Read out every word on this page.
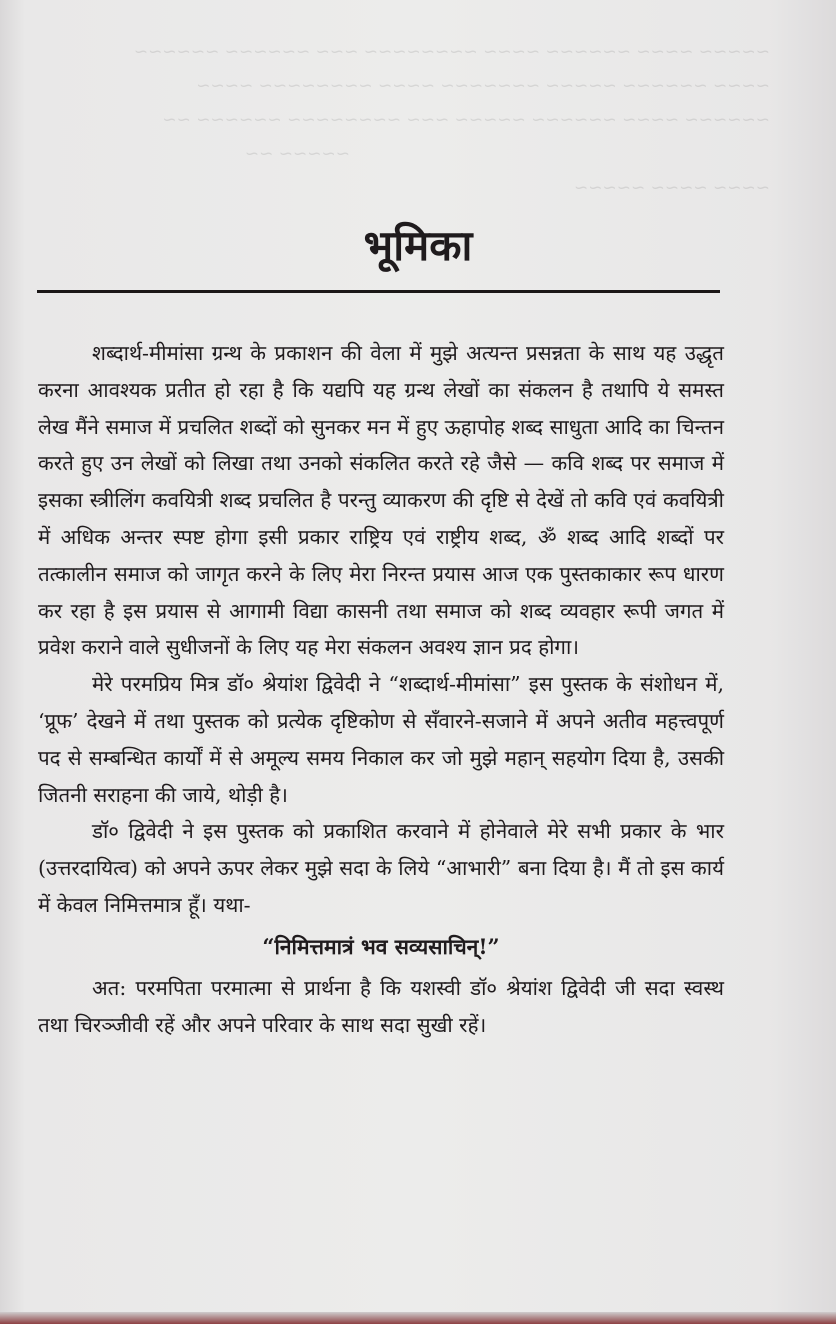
~~~~~ ~~~~ ~~~~~~ ~~~~ ~~~~~~~~ ~~~ ~~~~~~ ~~~~~~
~~~~ ~~~~~~ ~~~~~ ~~~~~~~ ~~~~ ~~~~~~~~ ~~~~
~~~~~~ ~~~~ ~~~~~~ ~~~~~ ~~~ ~~~~~~~~ ~~~~~~ ~~
~~~~~ ~~
~~~~ ~~~~ ~~~~~
भूमिका

शब्दार्थ-मीमांसा ग्रन्थ के प्रकाशन की वेला में मुझे अत्यन्त प्रसन्नता के साथ यह उद्धृत करना आवश्यक प्रतीत हो रहा है कि यद्यपि यह ग्रन्थ लेखों का संकलन है तथापि ये समस्त लेख मैंने समाज में प्रचलित शब्दों को सुनकर मन में हुए ऊहापोह शब्द साधुता आदि का चिन्तन करते हुए उन लेखों को लिखा तथा उनको संकलित करते रहे जैसे — कवि शब्द पर समाज में इसका स्त्रीलिंग कवयित्री शब्द प्रचलित है परन्तु व्याकरण की दृष्टि से देखें तो कवि एवं कवयित्री में अधिक अन्तर स्पष्ट होगा इसी प्रकार राष्ट्रिय एवं राष्ट्रीय शब्द, ॐ शब्द आदि शब्दों पर तत्कालीन समाज को जागृत करने के लिए मेरा निरन्त प्रयास आज एक पुस्तकाकार रूप धारण कर रहा है इस प्रयास से आगामी विद्या कासनी तथा समाज को शब्द व्यवहार रूपी जगत में प्रवेश कराने वाले सुधीजनों के लिए यह मेरा संकलन अवश्य ज्ञान प्रद होगा।

मेरे परमप्रिय मित्र डॉ० श्रेयांश द्विवेदी ने “शब्दार्थ-मीमांसा” इस पुस्तक के संशोधन में, ‘प्रूफ’ देखने में तथा पुस्तक को प्रत्येक दृष्टिकोण से सँवारने-सजाने में अपने अतीव महत्त्वपूर्ण पद से सम्बन्धित कार्यों में से अमूल्य समय निकाल कर जो मुझे महान् सहयोग दिया है, उसकी जितनी सराहना की जाये, थोड़ी है।

डॉ० द्विवेदी ने इस पुस्तक को प्रकाशित करवाने में होनेवाले मेरे सभी प्रकार के भार (उत्तरदायित्व) को अपने ऊपर लेकर मुझे सदा के लिये “आभारी” बना दिया है। मैं तो इस कार्य में केवल निमित्तमात्र हूँ। यथा-

“निमित्तमात्रं भव सव्यसाचिन्!”

अत: परमपिता परमात्मा से प्रार्थना है कि यशस्वी डॉ० श्रेयांश द्विवेदी जी सदा स्वस्थ तथा चिरञ्जीवी रहें और अपने परिवार के साथ सदा सुखी रहें।
